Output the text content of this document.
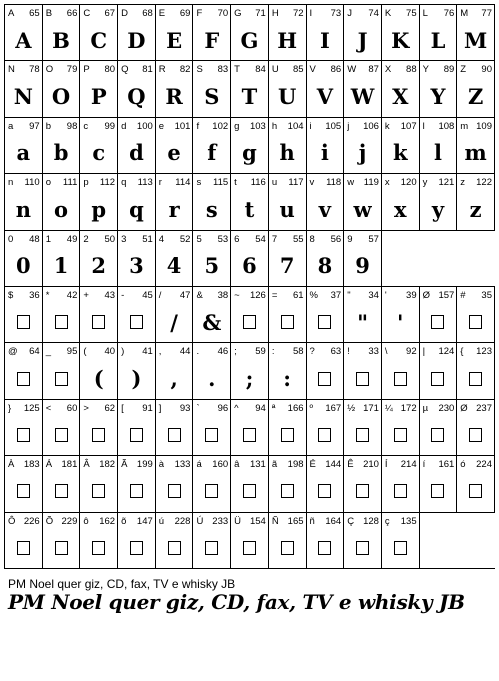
A 65
A
B 66
B
C 67
C
D 68
D
E 69
E
F 70
F
G 71
G
H 72
H
I 73
I
J 74
J
K 75
K
L 76
L
M 77
M
N 78
N
O 79
O
P 80
P
Q 81
Q
R 82
R
S 83
S
T 84
T
U 85
U
V 86
V
W 87
W
X 88
X
Y 89
Y
Z 90
Z
a 97
a
b 98
b
c 99
c
d 100
d
e 101
e
f 102
f
g 103
g
h 104
h
i 105
i
j 106
j
k 107
k
l 108
l
m 109
m
n 110
n
o 111
o
p 112
p
q 113
q
r 114
r
s 115
s
t 116
t
u 117
u
v 118
v
w 119
w
x 120
x
y 121
y
z 122
z
0 48
0
1 49
1
2 50
2
3 51
3
4 52
4
5 53
5
6 54
6
7 55
7
8 56
8
9 57
9
$ 36 * 42 + 43 - 45 / 47
/
& 38
&
~ 126 = 61 % 37 " 34
"
' 39
'
Ø 157 # 35
@ 64 _ 95 ( 40
(
) 41
)
, 44
,
. 46
.
; 59
;
: 58
:
? 63 ! 33 \ 92 | 124 { 123
} 125 < 60 > 62 [ 91 ] 93 ` 96 ^ 94 ª 166 º 167 ½ 171 ¼ 172 µ 230 Ø 237
À 183 Á 181 Â 182 Ã 199 à 133 á 160 â 131 ã 198 É 144 Ê 210 Í 214 í 161 ó 224
Ô 226 Õ 229 ô 162 õ 147 ú 228 Ú 233 Ü 154 Ñ 165 ñ 164 Ç 128 ç 135
PM Noel quer giz, CD, fax, TV e whisky JB
PM Noel quer giz, CD, fax, TV e whisky JB
